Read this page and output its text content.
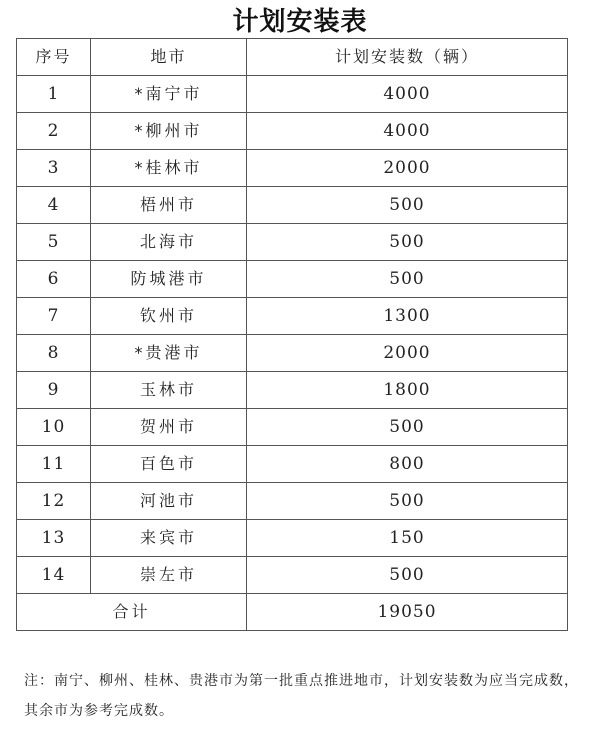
计划安装表
序号	地市	计划安装数（辆）
1	*南宁市	4000
2	*柳州市	4000
3	*桂林市	2000
4	梧州市	500
5	北海市	500
6	防城港市	500
7	钦州市	1300
8	*贵港市	2000
9	玉林市	1800
10	贺州市	500
11	百色市	800
12	河池市	500
13	来宾市	150
14	崇左市	500
合计		19050
注：南宁、柳州、桂林、贵港市为第一批重点推进地市，计划安装数为应当完成数，其余市为参考完成数。
